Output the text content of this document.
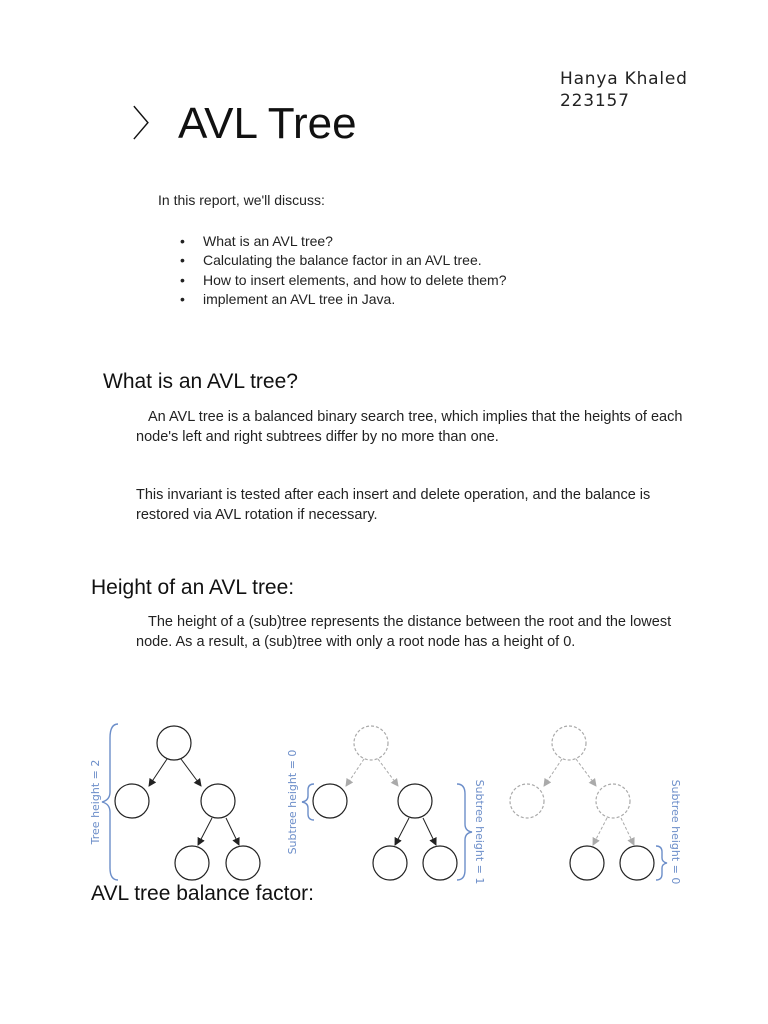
Hanya Khaled
223157
〉 AVL Tree
In this report, we'll discuss:
• What is an AVL tree?
• Calculating the balance factor in an AVL tree.
• How to insert elements, and how to delete them?
• implement an AVL tree in Java.
What is an AVL tree?
An AVL tree is a balanced binary search tree, which implies that the heights of each node's left and right subtrees differ by no more than one.
This invariant is tested after each insert and delete operation, and the balance is restored via AVL rotation if necessary.
Height of an AVL tree:
The height of a (sub)tree represents the distance between the root and the lowest node. As a result, a (sub)tree with only a root node has a height of 0.
Tree height = 2	Subtree height = 0	Subtree height = 1	Subtree height = 0
AVL tree balance factor:
